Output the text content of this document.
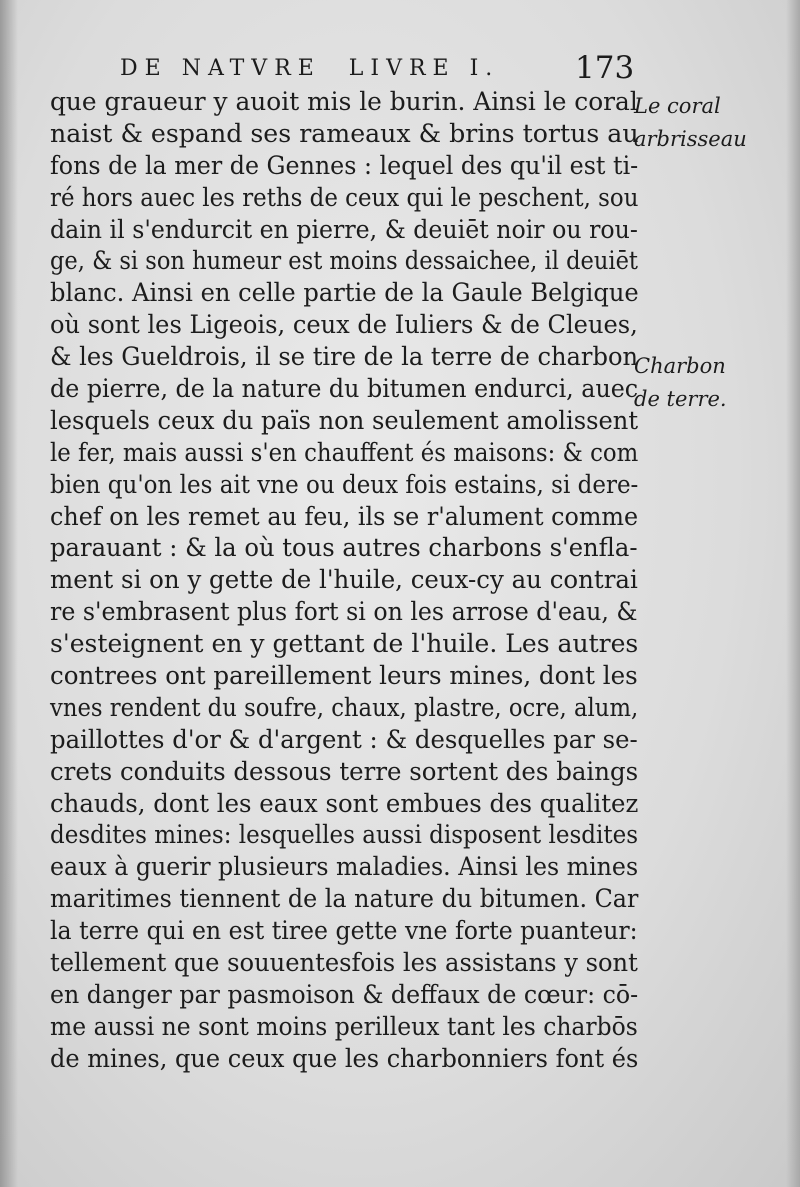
DE NATVRE  LIVRE I. 173
que graueur y auoit mis le burin. Ainsi le coral
naist & espand ses rameaux & brins tortus au
fons de la mer de Gennes : lequel des qu'il est ti-
ré hors auec les reths de ceux qui le peschent, sou
dain il s'endurcit en pierre, & deuiēt noir ou rou-
ge, & si son humeur est moins dessaichee, il deuiēt
blanc. Ainsi en celle partie de la Gaule Belgique
où sont les Ligeois, ceux de Iuliers & de Cleues,
& les Gueldrois, il se tire de la terre de charbon
de pierre, de la nature du bitumen endurci, auec
lesquels ceux du païs non seulement amolissent
le fer, mais aussi s'en chauffent és maisons: & com
bien qu'on les ait vne ou deux fois estains, si dere-
chef on les remet au feu, ils se r'alument comme
parauant : & la où tous autres charbons s'enfla-
ment si on y gette de l'huile, ceux-cy au contrai
re s'embrasent plus fort si on les arrose d'eau, &
s'esteignent en y gettant de l'huile. Les autres
contrees ont pareillement leurs mines, dont les
vnes rendent du soufre, chaux, plastre, ocre, alum,
paillottes d'or & d'argent : & desquelles par se-
crets conduits dessous terre sortent des baings
chauds, dont les eaux sont embues des qualitez
desdites mines: lesquelles aussi disposent lesdites
eaux à guerir plusieurs maladies. Ainsi les mines
maritimes tiennent de la nature du bitumen. Car
la terre qui en est tiree gette vne forte puanteur:
tellement que souuentesfois les assistans y sont
en danger par pasmoison & deffaux de cœur: cō-
me aussi ne sont moins perilleux tant les charbōs
de mines, que ceux que les charbonniers font és
Le coral
arbrisseau
Charbon
de terre.
